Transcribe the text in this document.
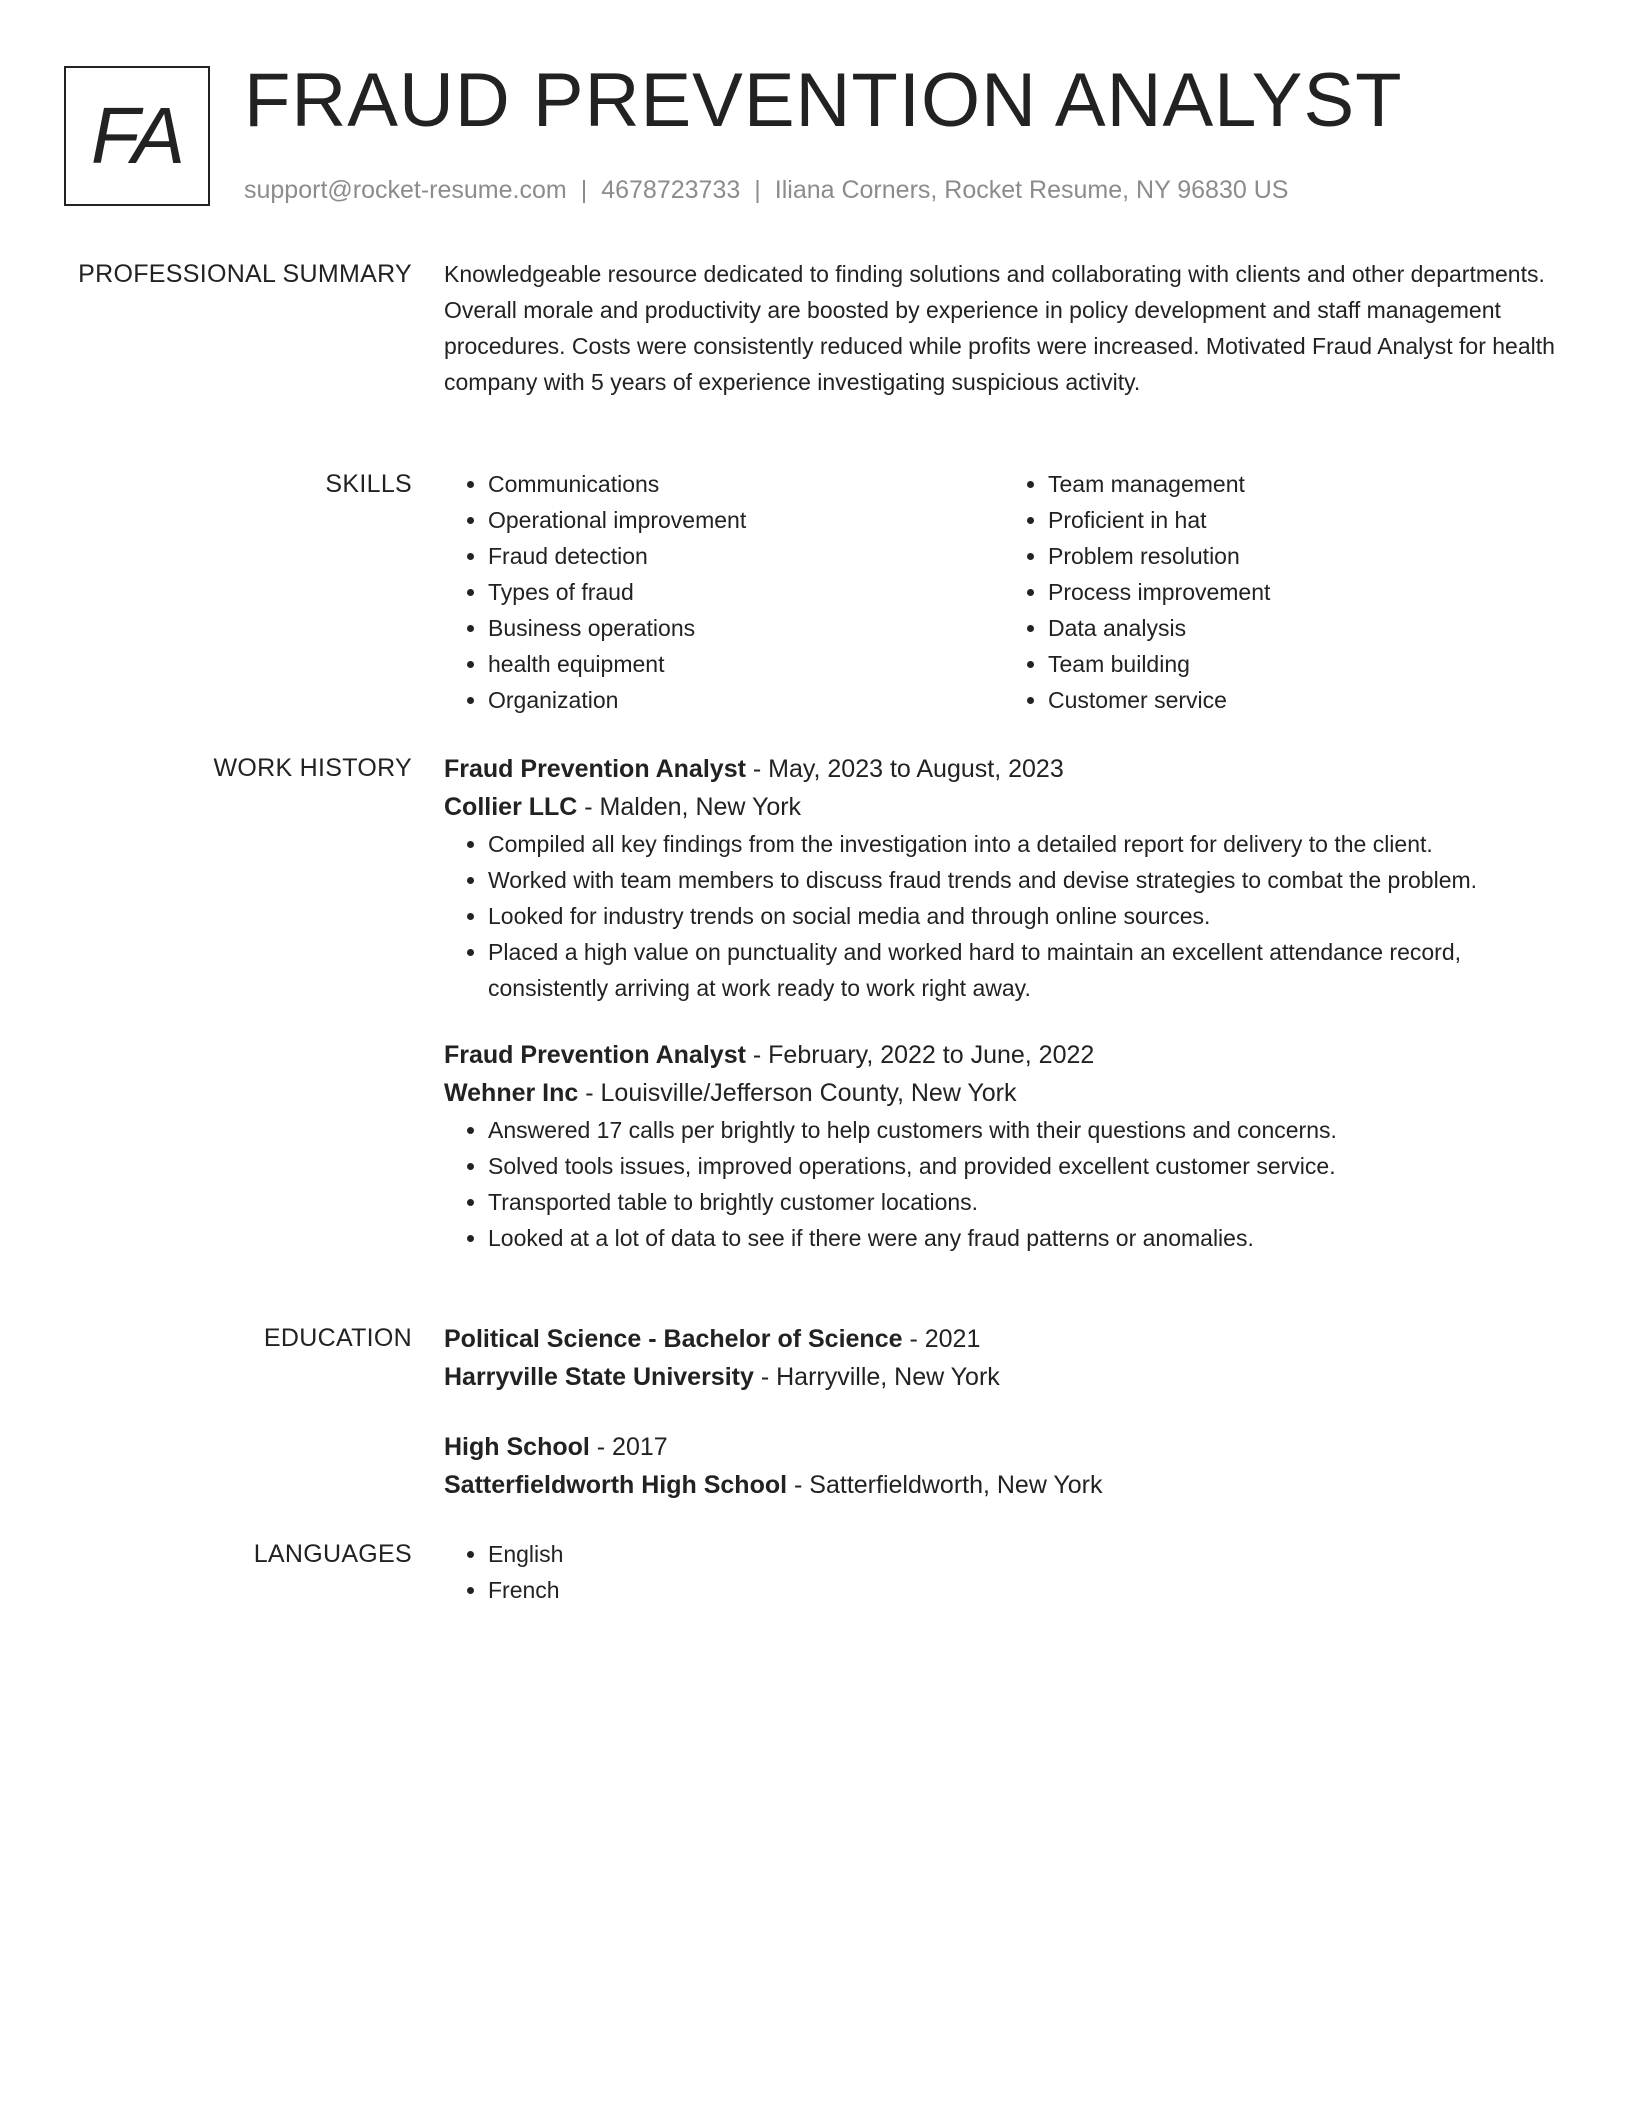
FA FRAUD PREVENTION ANALYST
support@rocket-resume.com | 4678723733 | Iliana Corners, Rocket Resume, NY 96830 US
PROFESSIONAL SUMMARY Knowledgeable resource dedicated to finding solutions and collaborating with clients and other departments. Overall morale and productivity are boosted by experience in policy development and staff management procedures. Costs were consistently reduced while profits were increased. Motivated Fraud Analyst for health company with 5 years of experience investigating suspicious activity.

SKILLS	• Communications
• Operational improvement
• Fraud detection
• Types of fraud
• Business operations
• health equipment
• Organization
• Team management
• Proficient in hat
• Problem resolution
• Process improvement
• Data analysis
• Team building
• Customer service
WORK HISTORY Fraud Prevention Analyst - May, 2023 to August, 2023
Collier LLC - Malden, New York
• Compiled all key findings from the investigation into a detailed report for delivery to the client.
• Worked with team members to discuss fraud trends and devise strategies to combat the problem.
• Looked for industry trends on social media and through online sources.
• Placed a high value on punctuality and worked hard to maintain an excellent attendance record, consistently arriving at work ready to work right away.
Fraud Prevention Analyst - February, 2022 to June, 2022
Wehner Inc - Louisville/Jefferson County, New York
• Answered 17 calls per brightly to help customers with their questions and concerns.
• Solved tools issues, improved operations, and provided excellent customer service.
• Transported table to brightly customer locations.
• Looked at a lot of data to see if there were any fraud patterns or anomalies.
EDUCATION Political Science - Bachelor of Science - 2021
Harryville State University - Harryville, New York
High School - 2017
Satterfieldworth High School - Satterfieldworth, New York
LANGUAGES	• English
• French
